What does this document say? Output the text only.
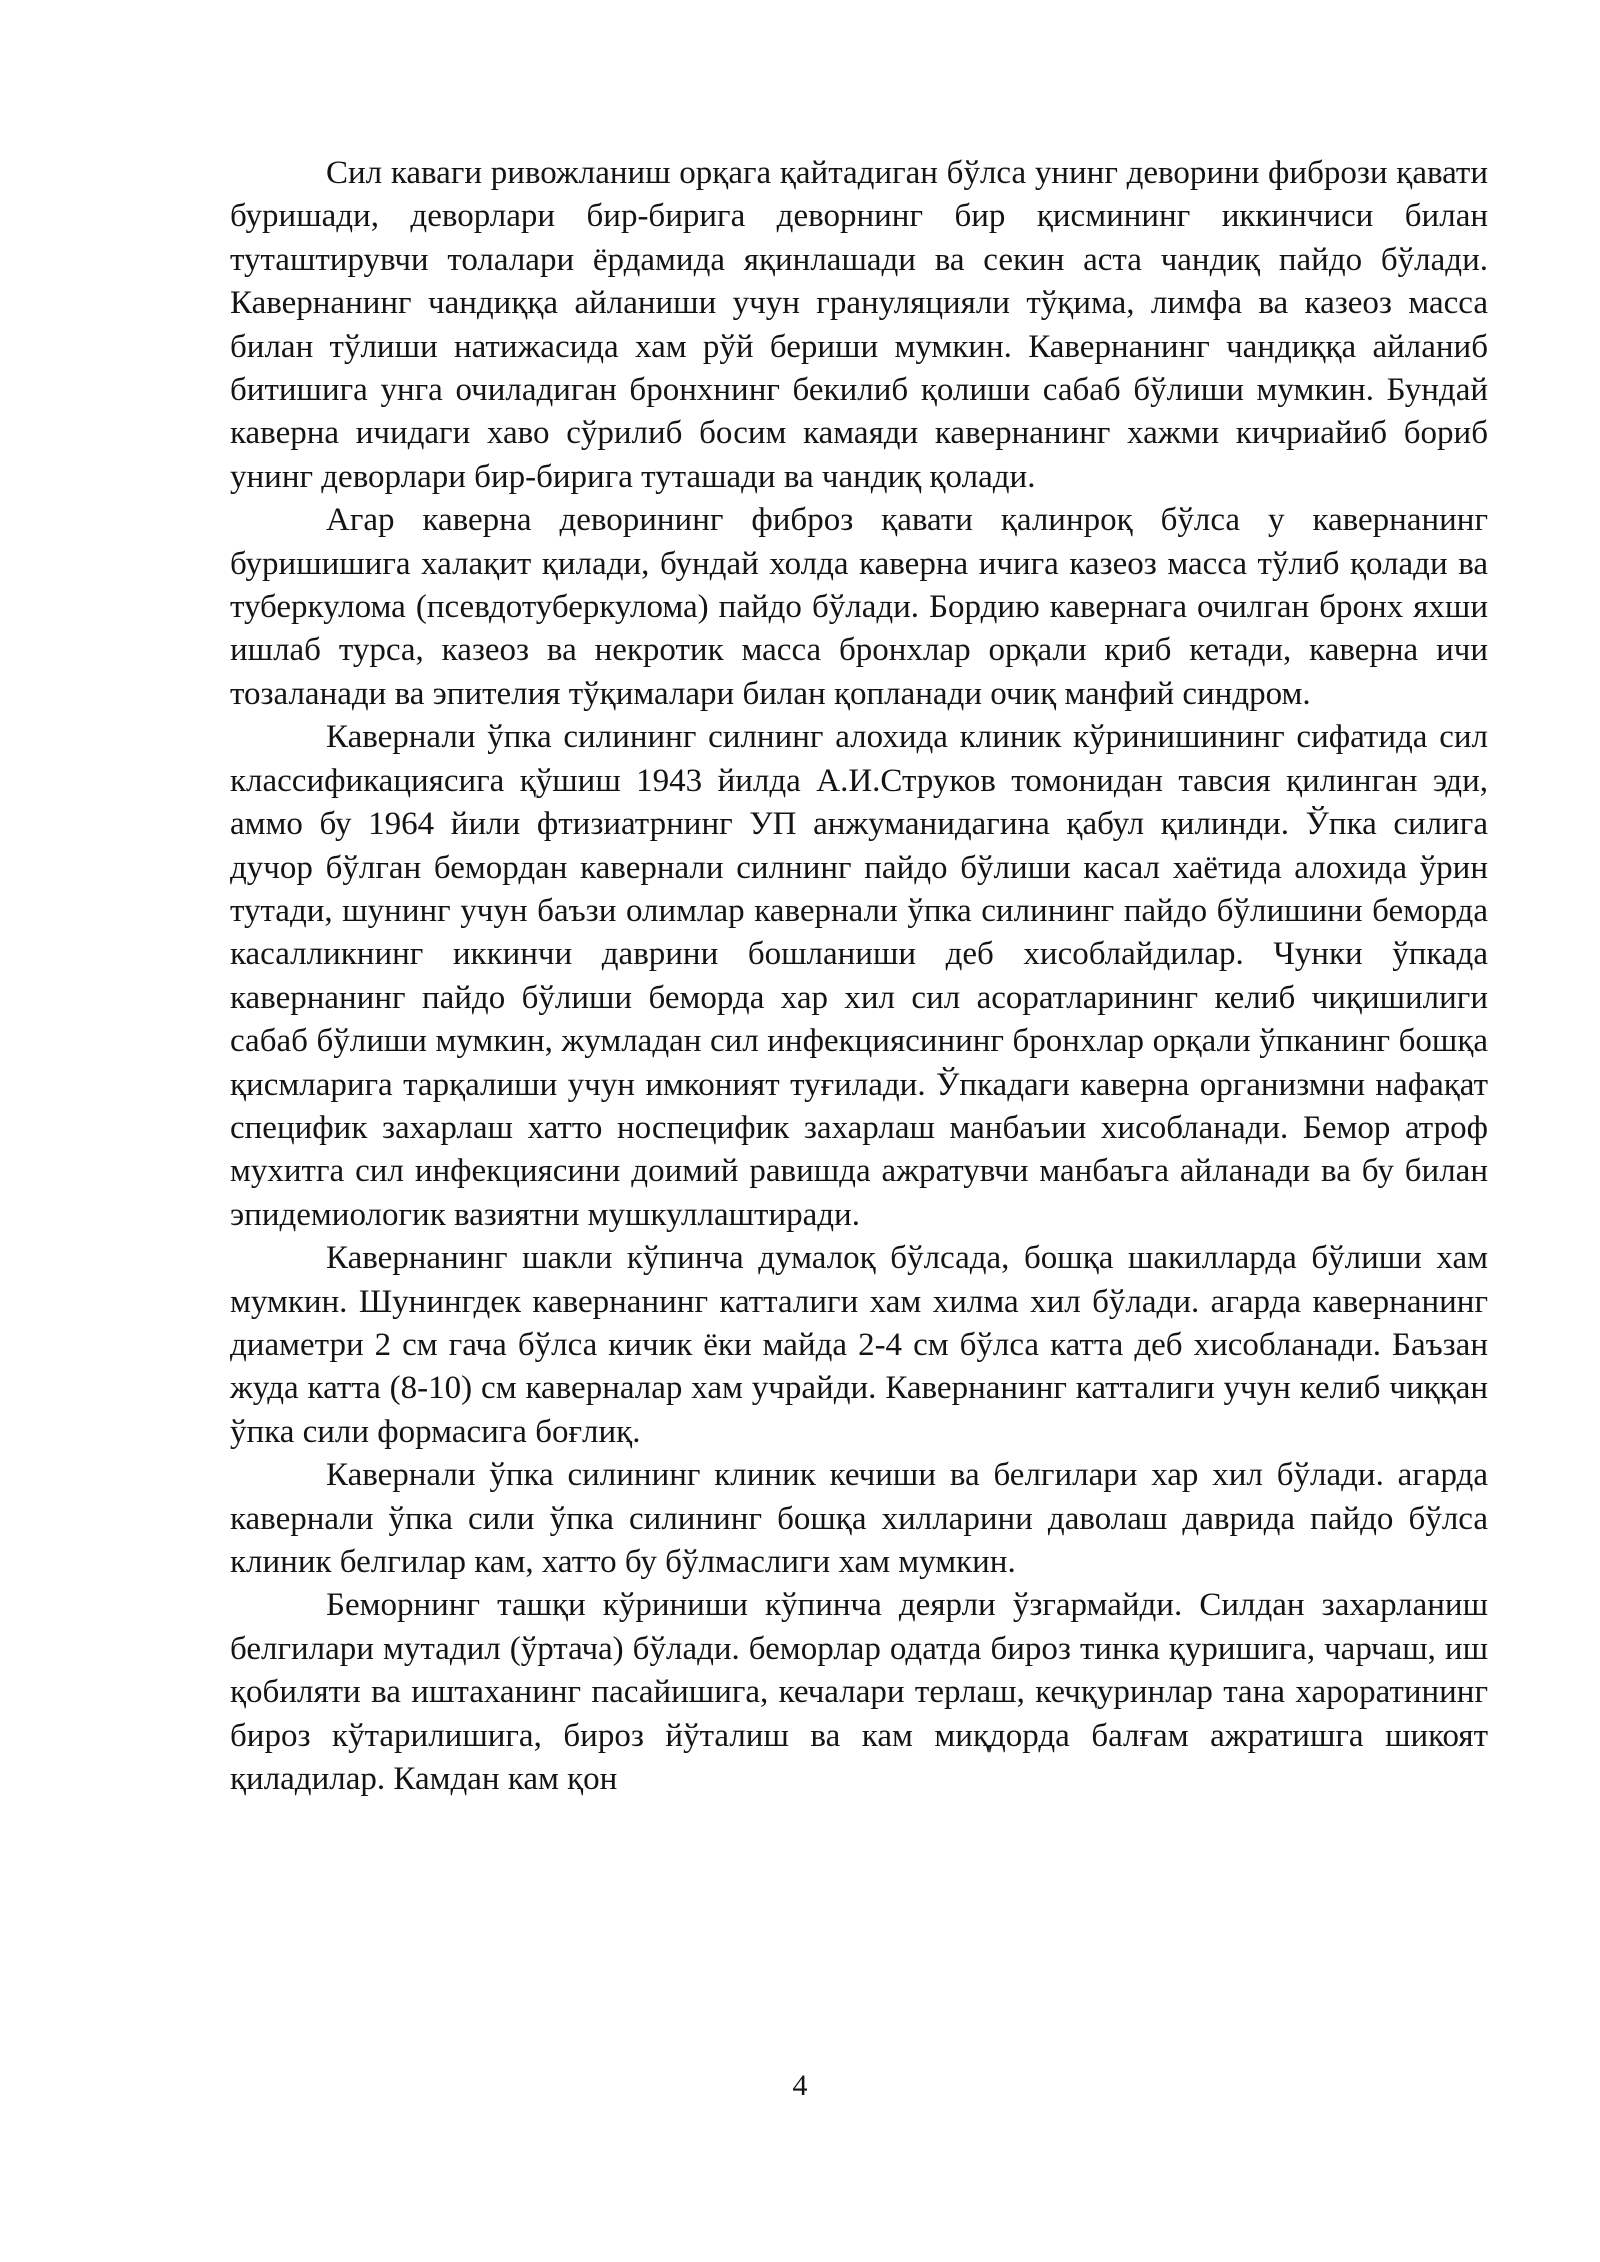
Сил каваги ривожланиш орқага қайтадиган бўлса унинг деворини фибрози қавати буришади, деворлари бир-бирига деворнинг бир қисмининг иккинчиси билан туташтирувчи толалари ёрдамида яқинлашади ва секин аста чандиқ пайдо бўлади. Кавернанинг чандиққа айланиши учун грануляцияли тўқима, лимфа ва казеоз масса билан тўлиши натижасида хам рўй бериши мумкин. Кавернанинг чандиққа айланиб битишига унга очиладиган бронхнинг бекилиб қолиши сабаб бўлиши мумкин. Бундай каверна ичидаги хаво сўрилиб босим камаяди кавернанинг хажми кичриайиб бориб унинг деворлари бир-бирига туташади ва чандиқ қолади.

Агар каверна деворининг фиброз қавати қалинроқ бўлса у кавернанинг буришишига халақит қилади, бундай холда каверна ичига казеоз масса тўлиб қолади ва туберкулома (псевдотуберкулома) пайдо бўлади. Бордию кавернага очилган бронх яхши ишлаб турса, казеоз ва некротик масса бронхлар орқали криб кетади, каверна ичи тозаланади ва эпителия тўқималари билан қопланади очиқ манфий синдром.

Кавернали ўпка силининг силнинг алохида клиник кўринишининг сифатида сил классификациясига қўшиш 1943 йилда А.И.Струков томонидан тавсия қилинган эди, аммо бу 1964 йили фтизиатрнинг УП анжуманидагина қабул қилинди. Ўпка силига дучор бўлган бемордан кавернали силнинг пайдо бўлиши касал хаётида алохида ўрин тутади, шунинг учун баъзи олимлар кавернали ўпка силининг пайдо бўлишини беморда касалликнинг иккинчи даврини бошланиши деб хисоблайдилар. Чунки ўпкада кавернанинг пайдо бўлиши беморда хар хил сил асоратларининг келиб чиқишилиги сабаб бўлиши мумкин, жумладан сил инфекциясининг бронхлар орқали ўпканинг бошқа қисмларига тарқалиши учун имконият туғилади. Ўпкадаги каверна организмни нафақат специфик захарлаш хатто носпецифик захарлаш манбаъии хисобланади. Бемор атроф мухитга сил инфекциясини доимий равишда ажратувчи манбаъга айланади ва бу билан эпидемиологик вазиятни мушкуллаштиради.

Кавернанинг шакли кўпинча думалоқ бўлсада, бошқа шакилларда бўлиши хам мумкин. Шунингдек кавернанинг катталиги хам хилма хил бўлади. агарда кавернанинг диаметри 2 см гача бўлса кичик ёки майда 2-4 см бўлса катта деб хисобланади. Баъзан жуда катта (8-10) см каверналар хам учрайди. Кавернанинг катталиги учун келиб чиққан ўпка сили формасига боғлиқ.

Кавернали ўпка силининг клиник кечиши ва белгилари хар хил бўлади. агарда кавернали ўпка сили ўпка силининг бошқа хилларини даволаш даврида пайдо бўлса клиник белгилар кам, хатто бу бўлмаслиги хам мумкин.

Беморнинг ташқи кўриниши кўпинча деярли ўзгармайди. Силдан захарланиш белгилари мутадил (ўртача) бўлади. беморлар одатда бироз тинка қуришига, чарчаш, иш қобиляти ва иштаханинг пасайишига, кечалари терлаш, кечқуринлар тана хароратининг бироз кўтарилишига, бироз йўталиш ва кам миқдорда балғам ажратишга шикоят қиладилар. Камдан кам қон

4
